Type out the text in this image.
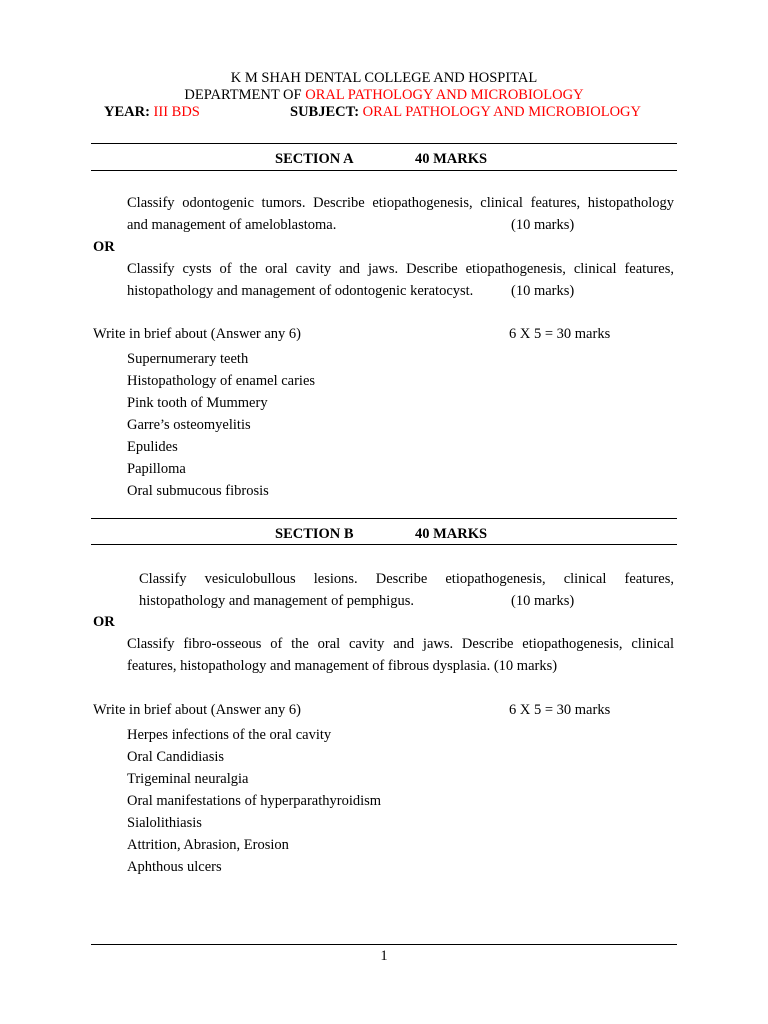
K M SHAH DENTAL COLLEGE AND HOSPITAL
DEPARTMENT OF ORAL PATHOLOGY AND MICROBIOLOGY
YEAR: III BDS	SUBJECT: ORAL PATHOLOGY AND MICROBIOLOGY
SECTION A	40 MARKS
Classify odontogenic tumors. Describe etiopathogenesis, clinical features, histopathology
and management of ameloblastoma.	(10 marks)
OR
Classify cysts of the oral cavity and jaws. Describe etiopathogenesis, clinical features,
histopathology and management of odontogenic keratocyst.	(10 marks)
Write in brief about (Answer any 6)	6 X 5 = 30 marks
Supernumerary teeth
Histopathology of enamel caries
Pink tooth of Mummery
Garre’s osteomyelitis
Epulides
Papilloma
Oral submucous fibrosis
SECTION B	40 MARKS
Classify vesiculobullous lesions. Describe etiopathogenesis, clinical features,
histopathology and management of pemphigus.	(10 marks)
OR
Classify fibro-osseous of the oral cavity and jaws. Describe etiopathogenesis, clinical
features, histopathology and management of fibrous dysplasia. (10 marks)
Write in brief about (Answer any 6)	6 X 5 = 30 marks
Herpes infections of the oral cavity
Oral Candidiasis
Trigeminal neuralgia
Oral manifestations of hyperparathyroidism
Sialolithiasis
Attrition, Abrasion, Erosion
Aphthous ulcers
1
